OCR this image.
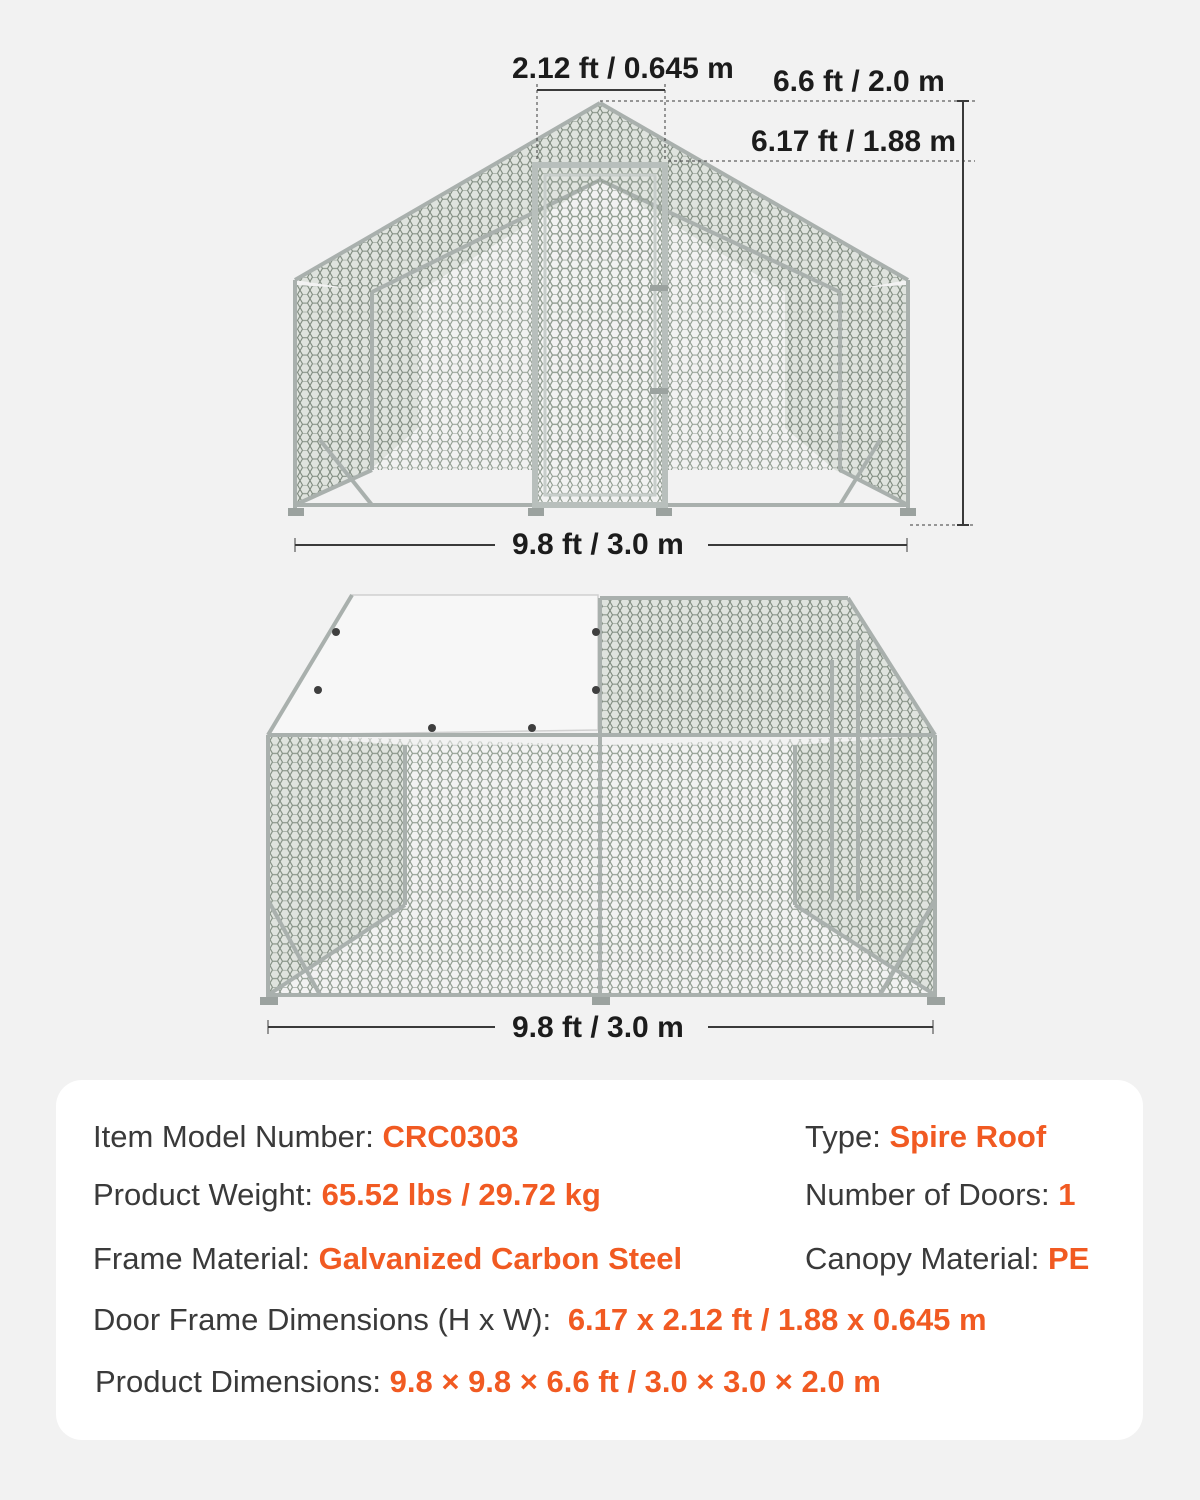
2.12 ft / 0.645 m 6.6 ft / 2.0 m
6.17 ft / 1.88 m
9.8 ft / 3.0 m
9.8 ft / 3.0 m
Item Model Number: CRC0303	Type: Spire Roof
Product Weight: 65.52 lbs / 29.72 kg	Number of Doors: 1
Frame Material: Galvanized Carbon Steel	Canopy Material: PE
Door Frame Dimensions (H x W): 6.17 x 2.12 ft / 1.88 x 0.645 m
Product Dimensions: 9.8 × 9.8 × 6.6 ft / 3.0 × 3.0 × 2.0 m
